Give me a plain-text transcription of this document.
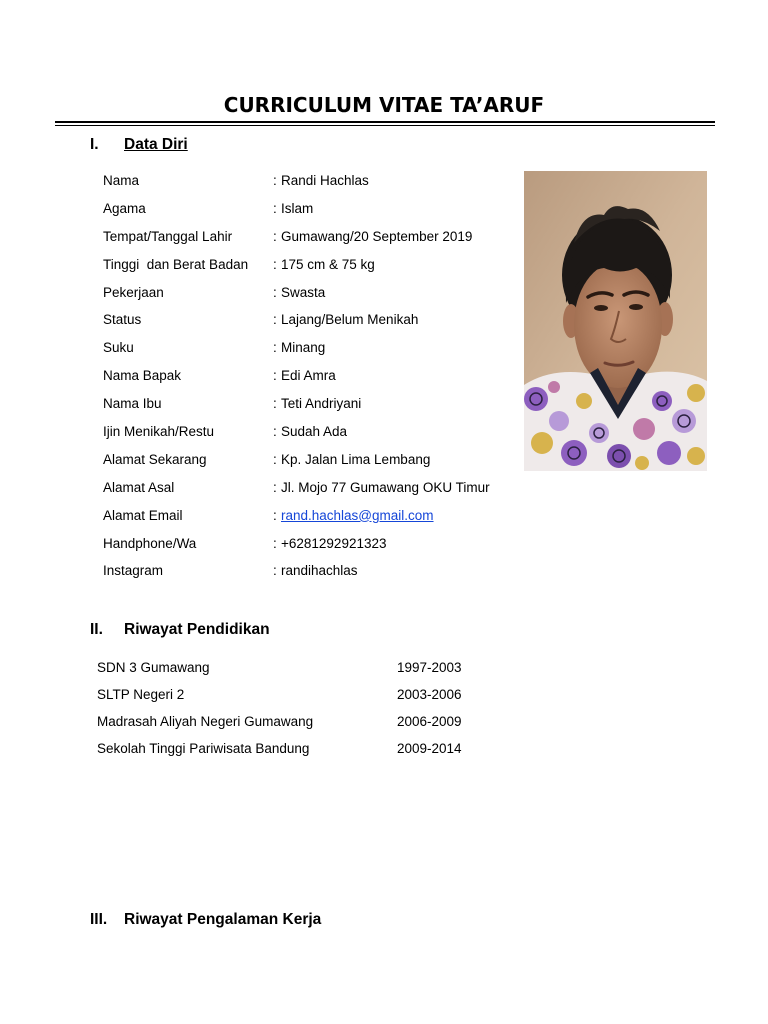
CURRICULUM VITAE TA’ARUF
I. Data Diri
Nama	: Randi Hachlas
Agama	: Islam
Tempat/Tanggal Lahir	: Gumawang/20 September 2019
Tinggi  dan Berat Badan : 175 cm & 75 kg
Pekerjaan	: Swasta
Status	: Lajang/Belum Menikah
Suku	: Minang
Nama Bapak	: Edi Amra
Nama Ibu	: Teti Andriyani
Ijin Menikah/Restu	: Sudah Ada
Alamat Sekarang	: Kp. Jalan Lima Lembang
Alamat Asal	: Jl. Mojo 77 Gumawang OKU Timur
Alamat Email	: rand.hachlas@gmail.com
Handphone/Wa	: +6281292921323
Instagram	: randihachlas
II. Riwayat Pendidikan
SDN 3 Gumawang	1997-2003
SLTP Negeri 2	2003-2006
Madrasah Aliyah Negeri Gumawang	2006-2009
Sekolah Tinggi Pariwisata Bandung	2009-2014
III. Riwayat Pengalaman Kerja
